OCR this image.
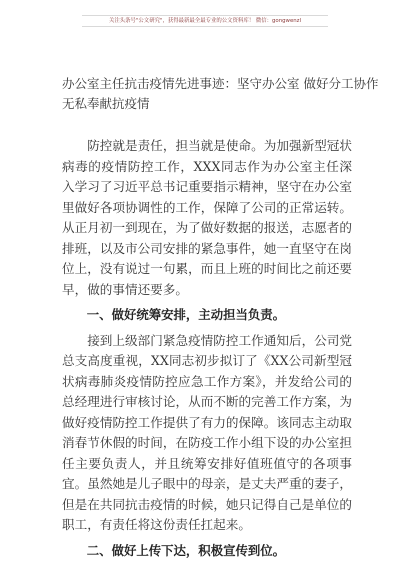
关注头条号"公文研究"，获得最新最全最专业的公文资料库！ 微信：gongwenzl
办公室主任抗击疫情先进事迹：坚守办公室 做好分工协作
无私奉献抗疫情

防控就是责任，担当就是使命。为加强新型冠状病毒的疫情防控工作，XXX同志作为办公室主任深入学习了习近平总书记重要指示精神，坚守在办公室里做好各项协调性的工作，保障了公司的正常运转。从正月初一到现在，为了做好数据的报送，志愿者的排班，以及市公司安排的紧急事件，她一直坚守在岗位上，没有说过一句累，而且上班的时间比之前还要早，做的事情还要多。

一、做好统筹安排，主动担当负责。

接到上级部门紧急疫情防控工作通知后，公司党总支高度重视，XX同志初步拟订了《XX公司新型冠状病毒肺炎疫情防控应急工作方案》，并发给公司的总经理进行审核讨论，从而不断的完善工作方案，为做好疫情防控工作提供了有力的保障。该同志主动取消春节休假的时间，在防疫工作小组下设的办公室担任主要负责人，并且统筹安排好值班值守的各项事宜。虽然她是儿子眼中的母亲，是丈夫严重的妻子，但是在共同抗击疫情的时候，她只记得自己是单位的职工，有责任将这份责任扛起来。

二、做好上传下达，积极宣传到位。
